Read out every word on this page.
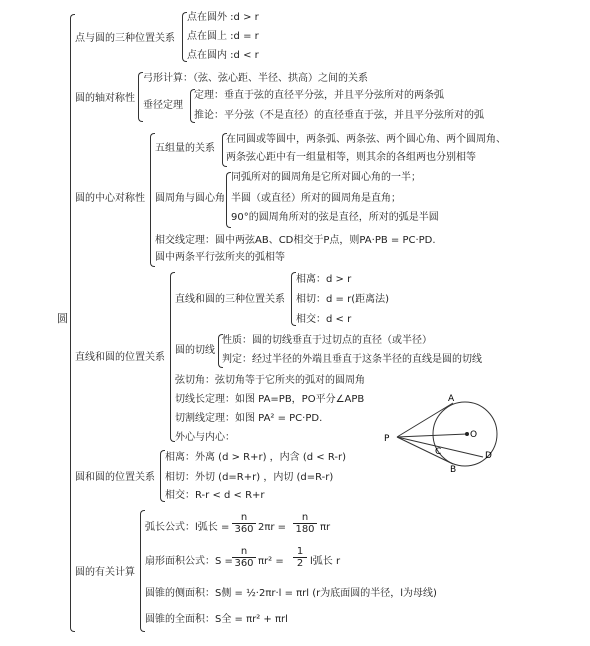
圆
点与圆的三种位置关系
点在圆外 :d > r
点在圆上 :d = r
点在圆内 :d < r
圆的轴对称性
弓形计算：（弦、弦心距、半径、拱高）之间的关系
垂径定理
定理：垂直于弦的直径平分弦，并且平分弦所对的两条弧
推论：平分弦（不是直径）的直径垂直于弦，并且平分弦所对的弧
圆的中心对称性
五组量的关系
在同圆或等圆中，两条弧、两条弦、两个圆心角、两个圆周角、
两条弦心距中有一组量相等，则其余的各组两也分别相等
圆周角与圆心角
同弧所对的圆周角是它所对圆心角的一半；
半圆（或直径）所对的圆周角是直角；
90°的圆周角所对的弦是直径，所对的弧是半圆
相交线定理：圆中两弦AB、CD相交于P点，则PA·PB = PC·PD.
圆中两条平行弦所夹的弧相等
直线和圆的位置关系
直线和圆的三种位置关系
相离：d > r
相切：d = r(距离法)
相交：d < r
圆的切线
性质：圆的切线垂直于过切点的直径（或半径）
判定：经过半径的外端且垂直于这条半径的直线是圆的切线
弦切角：弦切角等于它所夹的弧对的圆周角
切线长定理：如图 PA=PB，PO平分∠APB
切割线定理：如图 PA² = PC·PD.
外心与内心：
A
O
P
C	D
B
圆和圆的位置关系
相离：外离 (d > R+r) ，内含 (d < R-r)
相切：外切 (d=R+r) ，内切 (d=R-r)
相交：R-r < d < R+r
圆的有关计算
弧长公式：l弧长 = $\frac{n}{360} 2\pi r = \frac{n}{180}$ πr
扇形面积公式：$S = \frac{n}{360} \pi r^2 = \frac{1}{2}$ l弧长 r
圆锥的侧面积：S侧 = ½·2πr·l = πrl (r为底面圆的半径，l为母线)
圆锥的全面积：S全 = πr² + πrl
